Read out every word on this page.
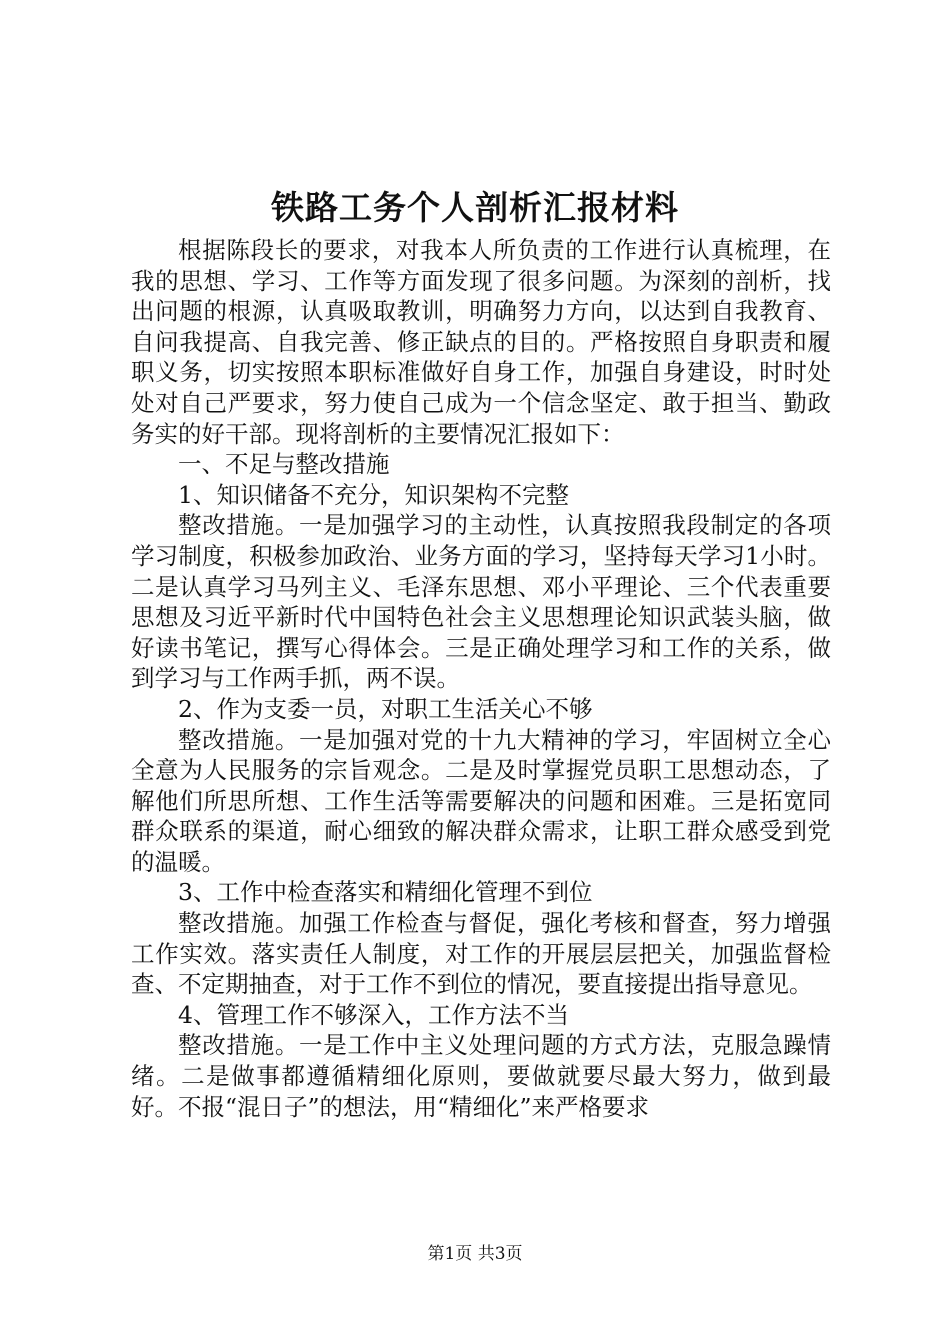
铁路工务个人剖析汇报材料

根据陈段长的要求，对我本人所负责的工作进行认真梳理，在我的思想、学习、工作等方面发现了很多问题。为深刻的剖析，找出问题的根源，认真吸取教训，明确努力方向，以达到自我教育、自问我提高、自我完善、修正缺点的目的。严格按照自身职责和履职义务，切实按照本职标准做好自身工作，加强自身建设，时时处处对自己严要求，努力使自己成为一个信念坚定、敢于担当、勤政务实的好干部。现将剖析的主要情况汇报如下：

一、不足与整改措施

1、知识储备不充分，知识架构不完整

整改措施。一是加强学习的主动性，认真按照我段制定的各项学习制度，积极参加政治、业务方面的学习，坚持每天学习1小时。二是认真学习马列主义、毛泽东思想、邓小平理论、三个代表重要思想及习近平新时代中国特色社会主义思想理论知识武装头脑，做好读书笔记，撰写心得体会。三是正确处理学习和工作的关系，做到学习与工作两手抓，两不误。

2、作为支委一员，对职工生活关心不够

整改措施。一是加强对党的十九大精神的学习，牢固树立全心全意为人民服务的宗旨观念。二是及时掌握党员职工思想动态，了解他们所思所想、工作生活等需要解决的问题和困难。三是拓宽同群众联系的渠道，耐心细致的解决群众需求，让职工群众感受到党的温暖。

3、工作中检查落实和精细化管理不到位

整改措施。加强工作检查与督促，强化考核和督查，努力增强工作实效。落实责任人制度，对工作的开展层层把关，加强监督检查、不定期抽查，对于工作不到位的情况，要直接提出指导意见。

4、管理工作不够深入，工作方法不当

整改措施。一是工作中主义处理问题的方式方法，克服急躁情绪。二是做事都遵循精细化原则，要做就要尽最大努力，做到最好。不报“混日子”的想法，用“精细化”来严格要求

第1页 共3页
